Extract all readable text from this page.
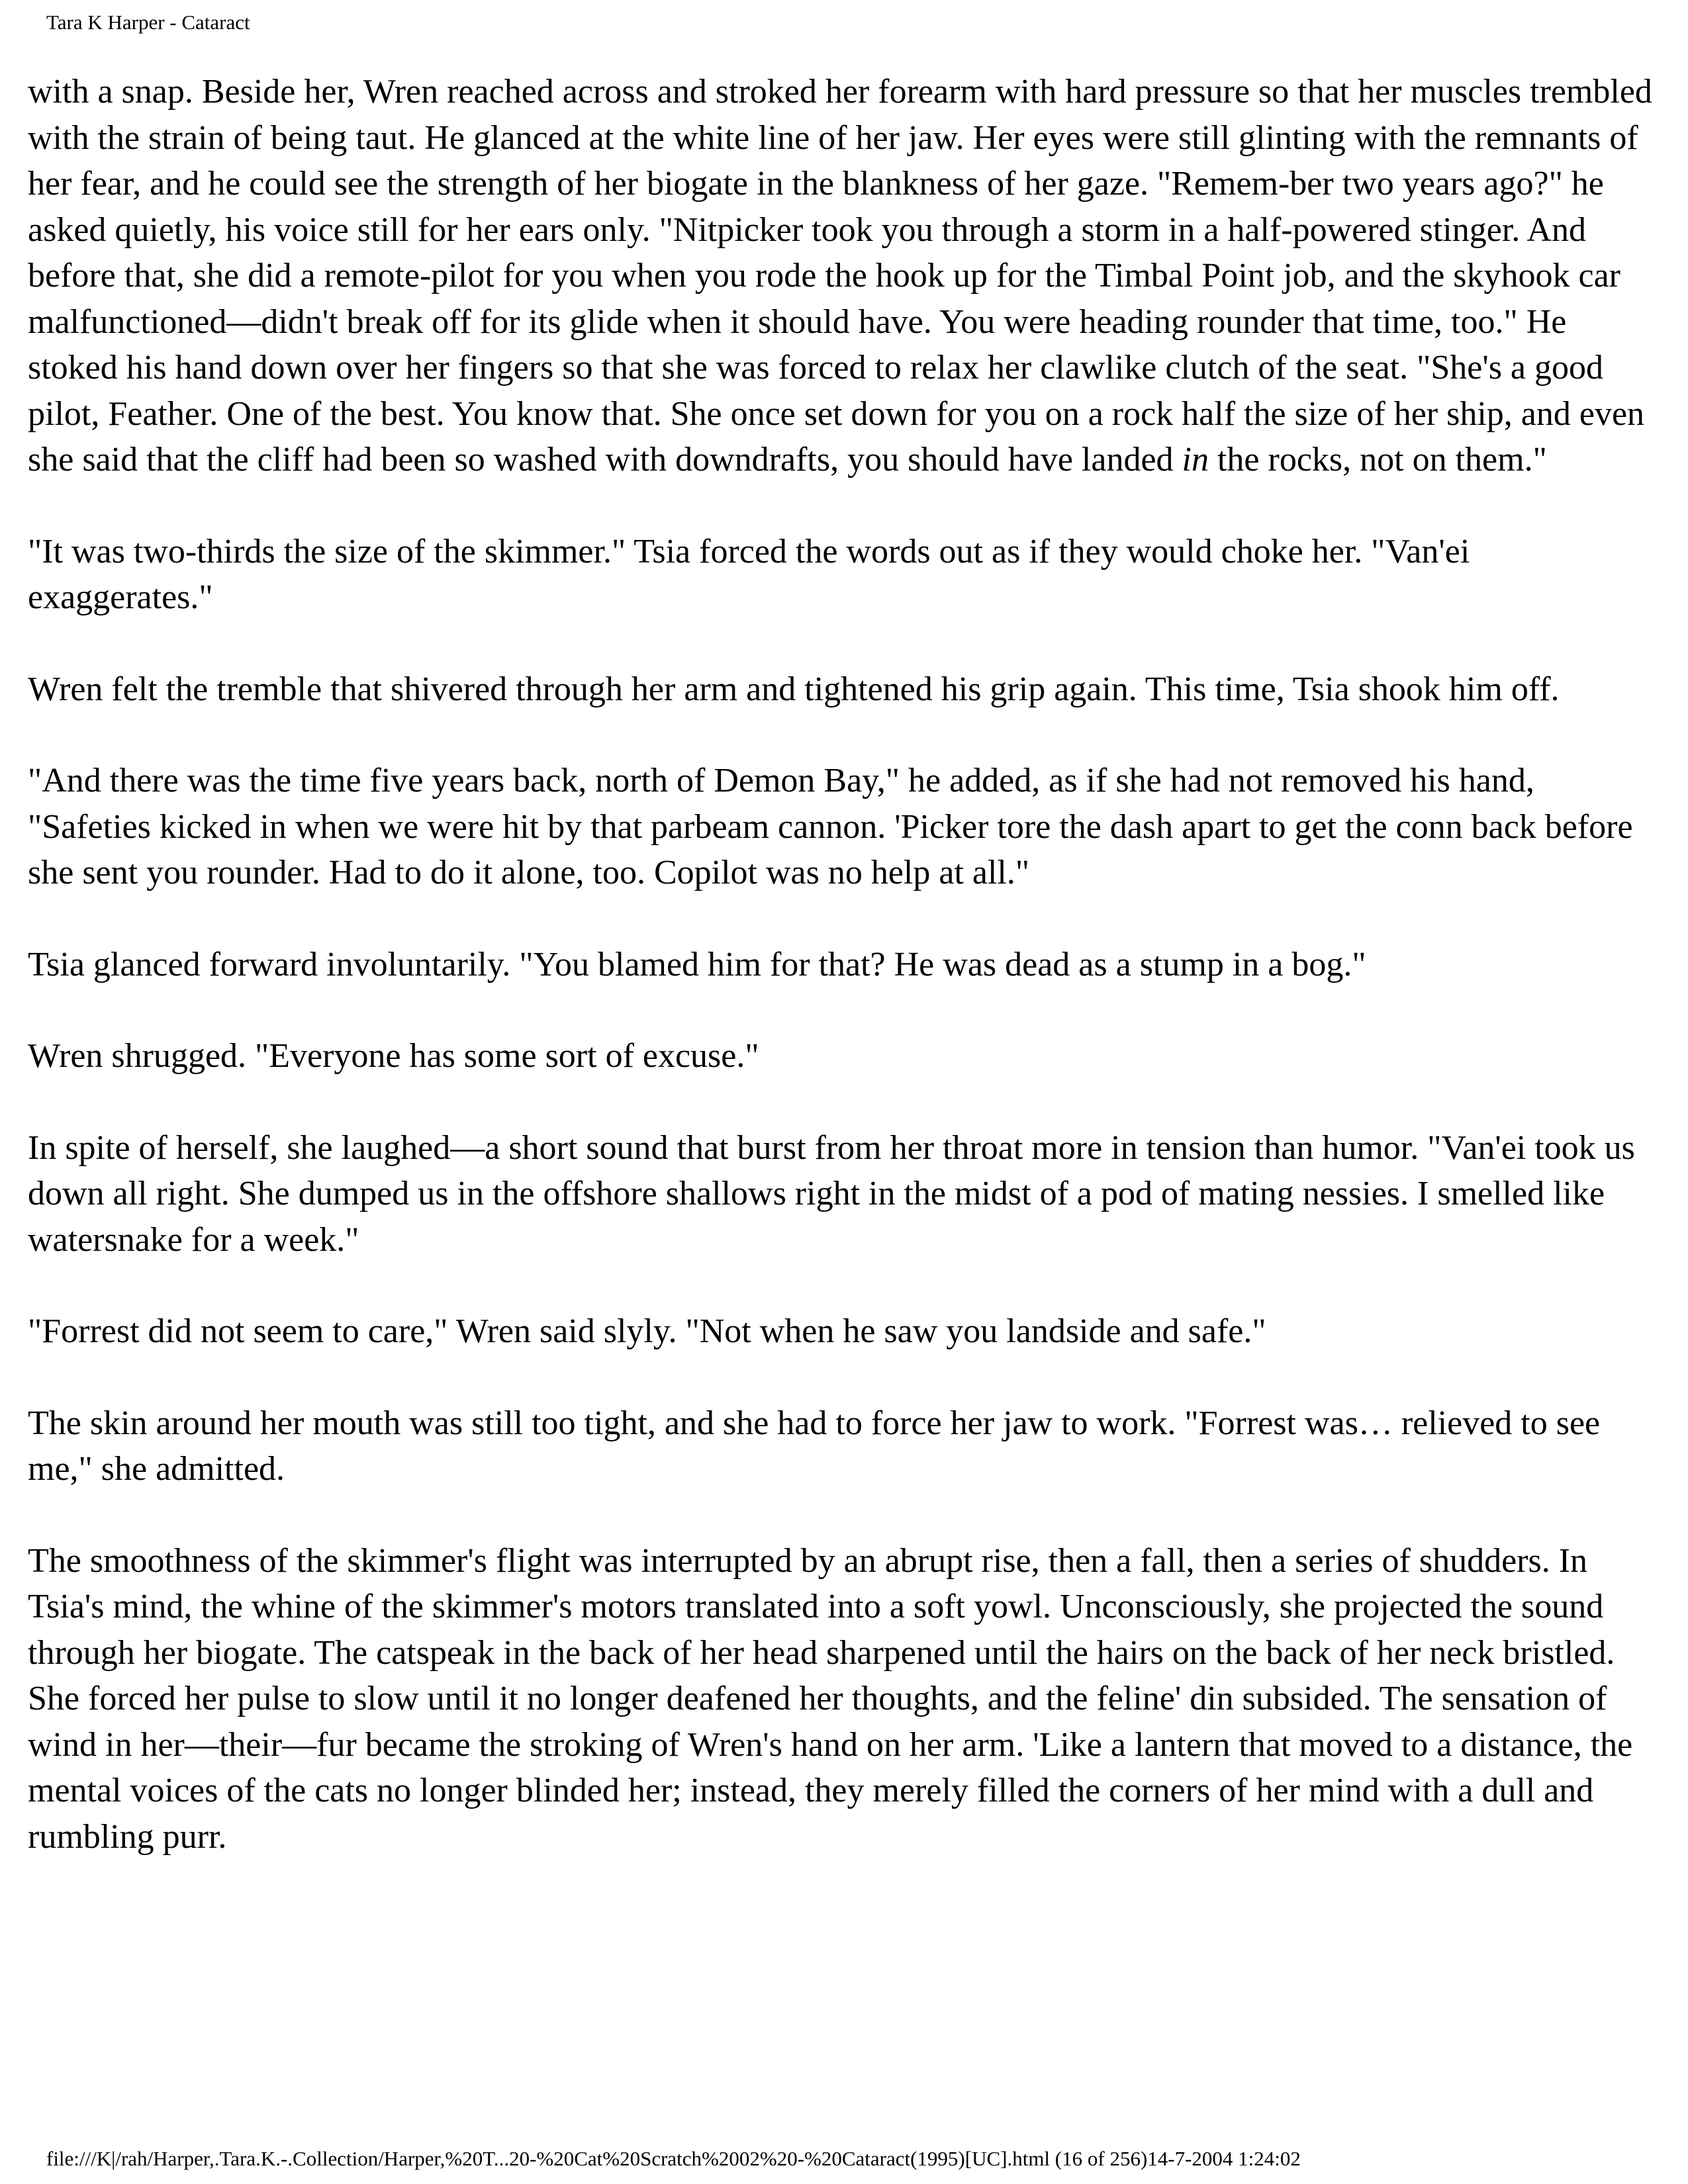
Tara K Harper - Cataract

with a snap. Beside her, Wren reached across and stroked her forearm with hard pressure so that her muscles trembled with the strain of being taut. He glanced at the white line of her jaw. Her eyes were still glinting with the remnants of her fear, and he could see the strength of her biogate in the blankness of her gaze. "Remem-ber two years ago?" he asked quietly, his voice still for her ears only. "Nitpicker took you through a storm in a half-powered stinger. And before that, she did a remote-pilot for you when you rode the hook up for the Timbal Point job, and the skyhook car malfunctioned—didn't break off for its glide when it should have. You were heading rounder that time, too." He stoked his hand down over her fingers so that she was forced to relax her clawlike clutch of the seat. "She's a good pilot, Feather. One of the best. You know that. She once set down for you on a rock half the size of her ship, and even she said that the cliff had been so washed with downdrafts, you should have landed in the rocks, not on them."

"It was two-thirds the size of the skimmer." Tsia forced the words out as if they would choke her. "Van'ei exaggerates."

Wren felt the tremble that shivered through her arm and tightened his grip again. This time, Tsia shook him off.

"And there was the time five years back, north of Demon Bay," he added, as if she had not removed his hand, "Safeties kicked in when we were hit by that parbeam cannon. 'Picker tore the dash apart to get the conn back before she sent you rounder. Had to do it alone, too. Copilot was no help at all."

Tsia glanced forward involuntarily. "You blamed him for that? He was dead as a stump in a bog."

Wren shrugged. "Everyone has some sort of excuse."

In spite of herself, she laughed—a short sound that burst from her throat more in tension than humor. "Van'ei took us down all right. She dumped us in the offshore shallows right in the midst of a pod of mating nessies. I smelled like watersnake for a week."

"Forrest did not seem to care," Wren said slyly. "Not when he saw you landside and safe."

The skin around her mouth was still too tight, and she had to force her jaw to work. "Forrest was… relieved to see me," she admitted.

The smoothness of the skimmer's flight was interrupted by an abrupt rise, then a fall, then a series of shudders. In Tsia's mind, the whine of the skimmer's motors translated into a soft yowl. Unconsciously, she projected the sound through her biogate. The catspeak in the back of her head sharpened until the hairs on the back of her neck bristled. She forced her pulse to slow until it no longer deafened her thoughts, and the feline' din subsided. The sensation of wind in her—their—fur became the stroking of Wren's hand on her arm. 'Like a lantern that moved to a distance, the mental voices of the cats no longer blinded her; instead, they merely filled the corners of her mind with a dull and rumbling purr.

file:///K|/rah/Harper,.Tara.K.-.Collection/Harper,%20T...20-%20Cat%20Scratch%2002%20-%20Cataract(1995)[UC].html (16 of 256)14-7-2004 1:24:02
